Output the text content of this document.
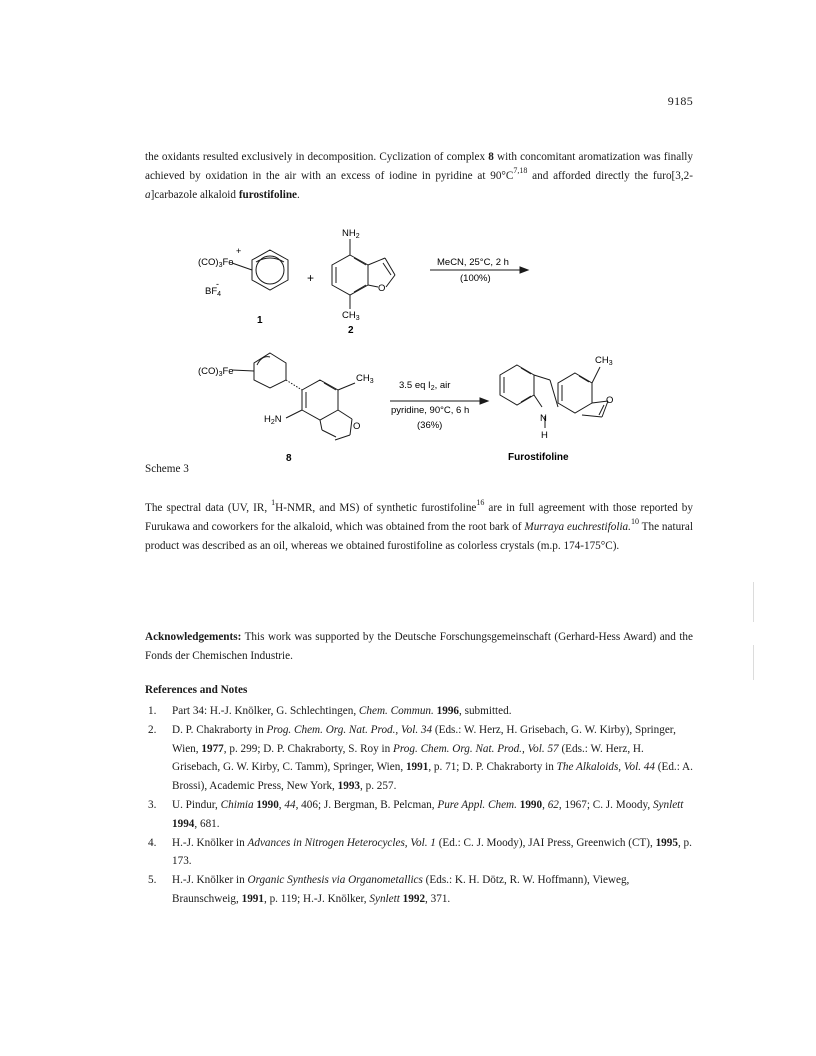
9185
the oxidants resulted exclusively in decomposition. Cyclization of complex 8 with concomitant aromatization was finally achieved by oxidation in the air with an excess of iodine in pyridine at $90^\circ C^{7,18}$ and afforded directly the furo[3,2-a]carbazole alkaloid furostifoline.
$(CO)_3Fe$
+
$BF_4$
-
1
+
$NH_2$
O
$CH_3$
2
MeCN, 25°C, 2 h
(100%)
$(CO)_3Fe$
$CH_3$
$H_2N$
O
8
3.5 eq $I_2$, air
pyridine, 90°C, 6 h
(36%)
$CH_3$
N
H
O
Furostifoline
Scheme 3
The spectral data (UV, IR, $^1$H-NMR, and MS) of synthetic furostifoline$^{16}$ are in full agreement with those reported by Furukawa and coworkers for the alkaloid, which was obtained from the root bark of Murraya euchrestifolia.$^{10}$ The natural product was described as an oil, whereas we obtained furostifoline as colorless crystals (m.p. 174-175°C).
Acknowledgements: This work was supported by the Deutsche Forschungsgemeinschaft (Gerhard-Hess Award) and the Fonds der Chemischen Industrie.
References and Notes
1.	Part 34: H.-J. Knölker, G. Schlechtingen, Chem. Commun. 1996, submitted.
2.	D. P. Chakraborty in Prog. Chem. Org. Nat. Prod., Vol. 34 (Eds.: W. Herz, H. Grisebach, G. W. Kirby), Springer, Wien, 1977, p. 299; D. P. Chakraborty, S. Roy in Prog. Chem. Org. Nat. Prod., Vol. 57 (Eds.: W. Herz, H. Grisebach, G. W. Kirby, C. Tamm), Springer, Wien, 1991, p. 71; D. P. Chakraborty in The Alkaloids, Vol. 44 (Ed.: A. Brossi), Academic Press, New York, 1993, p. 257.
3.	U. Pindur, Chimia 1990, 44, 406; J. Bergman, B. Pelcman, Pure Appl. Chem. 1990, 62, 1967; C. J. Moody, Synlett 1994, 681.
4.	H.-J. Knölker in Advances in Nitrogen Heterocycles, Vol. 1 (Ed.: C. J. Moody), JAI Press, Greenwich (CT), 1995, p. 173.
5.	H.-J. Knölker in Organic Synthesis via Organometallics (Eds.: K. H. Dötz, R. W. Hoffmann), Vieweg, Braunschweig, 1991, p. 119; H.-J. Knölker, Synlett 1992, 371.
